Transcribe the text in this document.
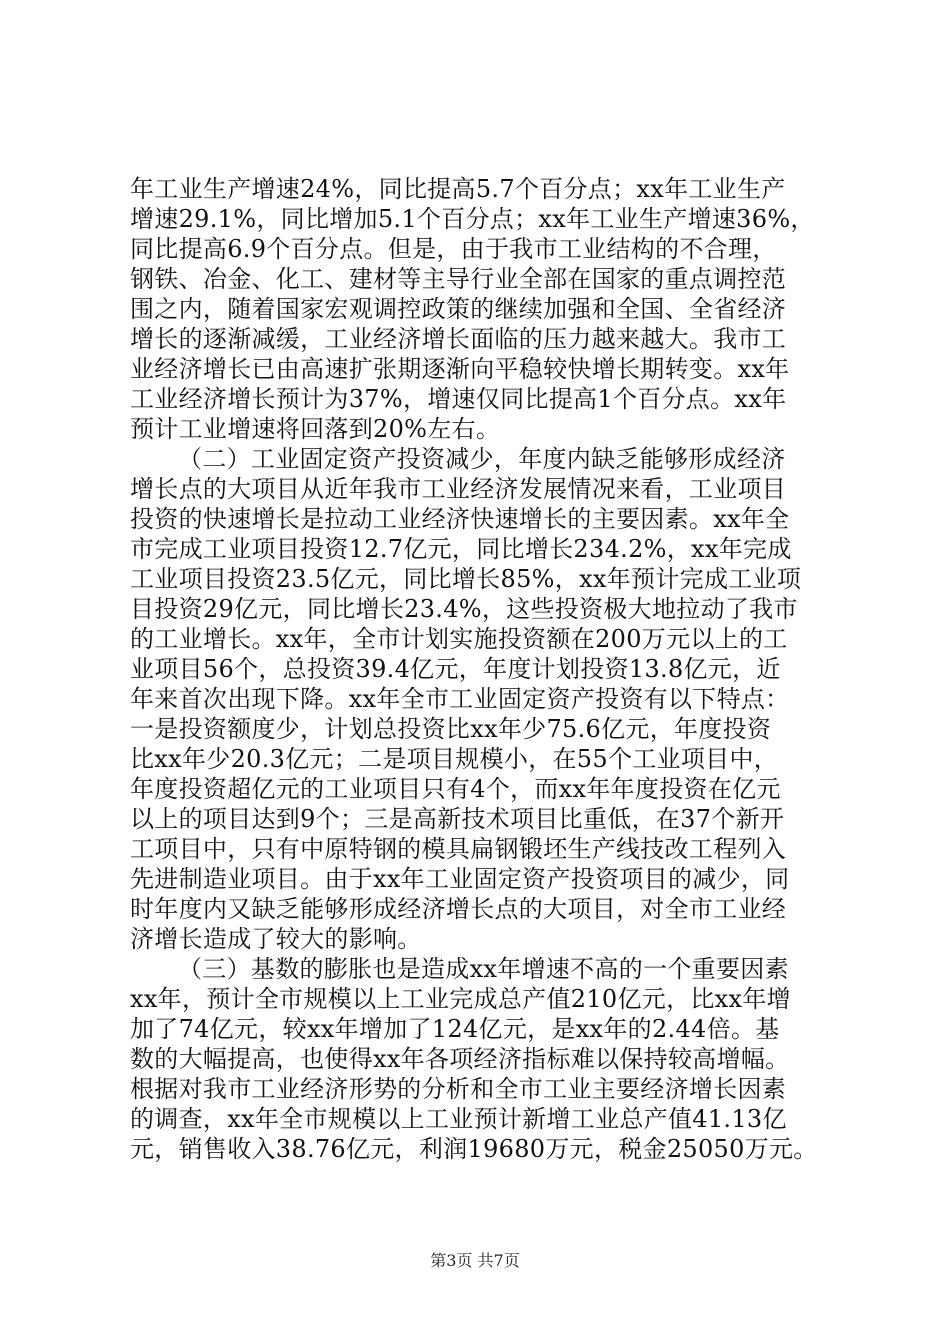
年工业生产增速24%，同比提高5.7个百分点；xx年工业生产
增速29.1%，同比增加5.1个百分点；xx年工业生产增速36%，
同比提高6.9个百分点。但是，由于我市工业结构的不合理，
钢铁、冶金、化工、建材等主导行业全部在国家的重点调控范
围之内，随着国家宏观调控政策的继续加强和全国、全省经济
增长的逐渐减缓，工业经济增长面临的压力越来越大。我市工
业经济增长已由高速扩张期逐渐向平稳较快增长期转变。xx年
工业经济增长预计为37%，增速仅同比提高1个百分点。xx年
预计工业增速将回落到20%左右。
（二）工业固定资产投资减少，年度内缺乏能够形成经济
增长点的大项目从近年我市工业经济发展情况来看，工业项目
投资的快速增长是拉动工业经济快速增长的主要因素。xx年全
市完成工业项目投资12.7亿元，同比增长234.2%，xx年完成
工业项目投资23.5亿元，同比增长85%，xx年预计完成工业项
目投资29亿元，同比增长23.4%，这些投资极大地拉动了我市
的工业增长。xx年，全市计划实施投资额在200万元以上的工
业项目56个，总投资39.4亿元，年度计划投资13.8亿元，近
年来首次出现下降。xx年全市工业固定资产投资有以下特点：
一是投资额度少，计划总投资比xx年少75.6亿元，年度投资
比xx年少20.3亿元；二是项目规模小，在55个工业项目中，
年度投资超亿元的工业项目只有4个，而xx年年度投资在亿元
以上的项目达到9个；三是高新技术项目比重低，在37个新开
工项目中，只有中原特钢的模具扁钢锻坯生产线技改工程列入
先进制造业项目。由于xx年工业固定资产投资项目的减少，同
时年度内又缺乏能够形成经济增长点的大项目，对全市工业经
济增长造成了较大的影响。
（三）基数的膨胀也是造成xx年增速不高的一个重要因素
xx年，预计全市规模以上工业完成总产值210亿元，比xx年增
加了74亿元，较xx年增加了124亿元，是xx年的2.44倍。基
数的大幅提高，也使得xx年各项经济指标难以保持较高增幅。
根据对我市工业经济形势的分析和全市工业主要经济增长因素
的调查，xx年全市规模以上工业预计新增工业总产值41.13亿
元，销售收入38.76亿元，利润19680万元，税金25050万元。
第3页 共7页
